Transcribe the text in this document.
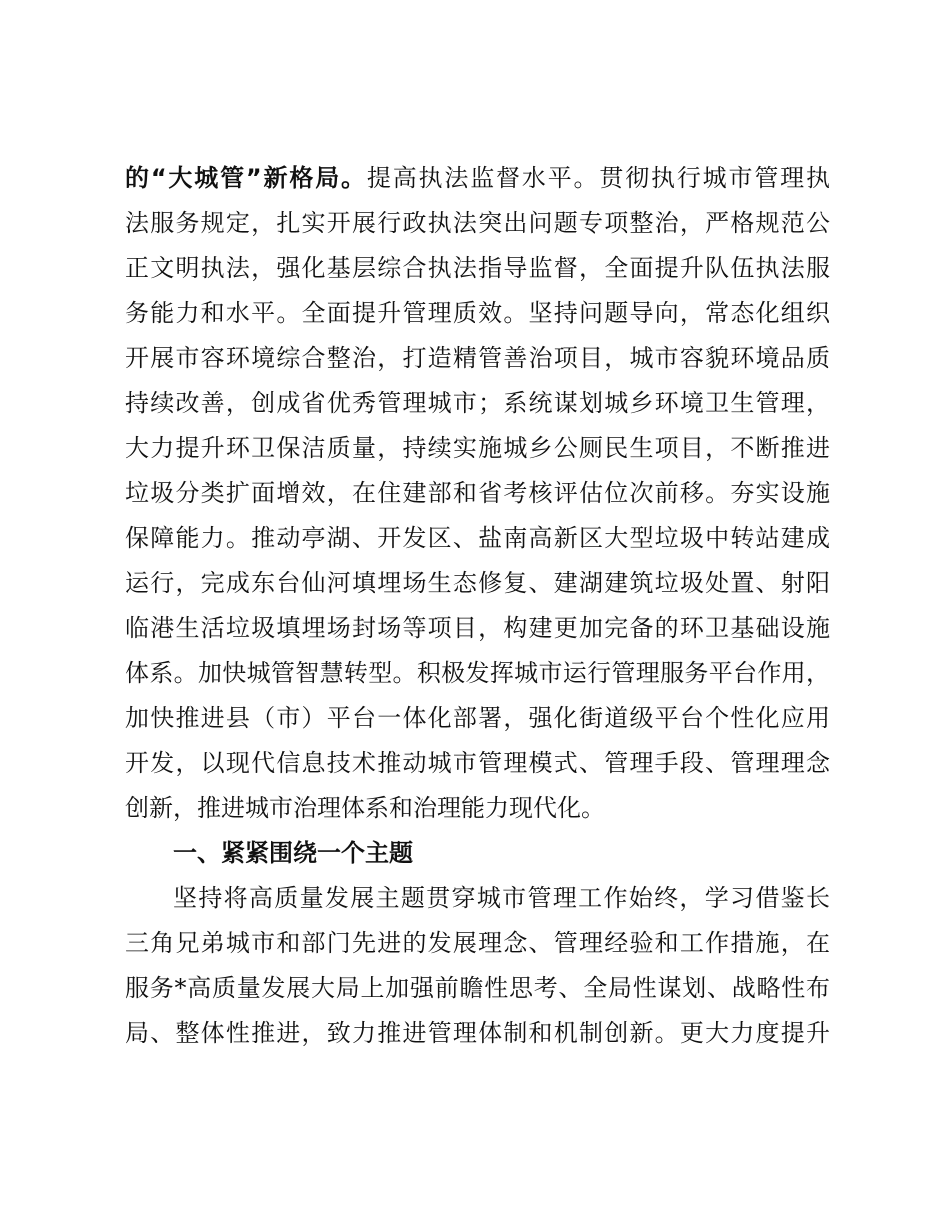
的“大城管”新格局。提高执法监督水平。贯彻执行城市管理执
法服务规定，扎实开展行政执法突出问题专项整治，严格规范公
正文明执法，强化基层综合执法指导监督，全面提升队伍执法服
务能力和水平。全面提升管理质效。坚持问题导向，常态化组织
开展市容环境综合整治，打造精管善治项目，城市容貌环境品质
持续改善，创成省优秀管理城市；系统谋划城乡环境卫生管理，
大力提升环卫保洁质量，持续实施城乡公厕民生项目，不断推进
垃圾分类扩面增效，在住建部和省考核评估位次前移。夯实设施
保障能力。推动亭湖、开发区、盐南高新区大型垃圾中转站建成
运行，完成东台仙河填埋场生态修复、建湖建筑垃圾处置、射阳
临港生活垃圾填埋场封场等项目，构建更加完备的环卫基础设施
体系。加快城管智慧转型。积极发挥城市运行管理服务平台作用，
加快推进县（市）平台一体化部署，强化街道级平台个性化应用
开发，以现代信息技术推动城市管理模式、管理手段、管理理念
创新，推进城市治理体系和治理能力现代化。
一、紧紧围绕一个主题
坚持将高质量发展主题贯穿城市管理工作始终，学习借鉴长
三角兄弟城市和部门先进的发展理念、管理经验和工作措施，在
服务*高质量发展大局上加强前瞻性思考、全局性谋划、战略性布
局、整体性推进，致力推进管理体制和机制创新。更大力度提升
